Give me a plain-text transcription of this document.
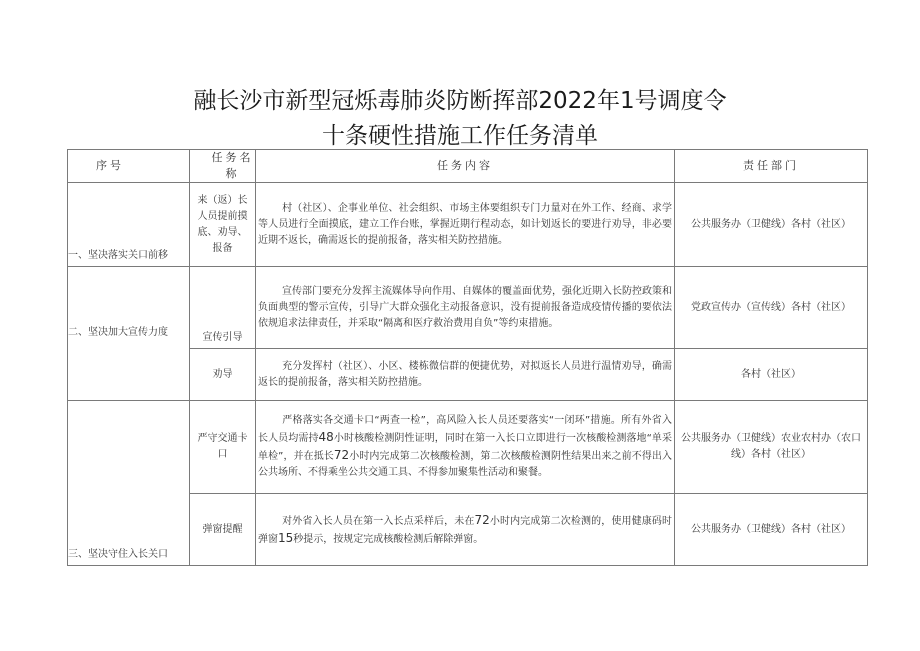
融长沙市新型冠烁毒肺炎防断挥部2022年1号调度令
十条硬性措施工作任务清单
序号	任务名称	任务内容	责任部门
一、坚决落实关口前移	来（返）长人员提前摸底、劝导、报备	村（社区）、企事业单位、社会组织、市场主体要组织专门力量对在外工作、经商、求学等人员进行全面摸底，建立工作台账，掌握近期行程动态，如计划返长的要进行劝导，非必要近期不返长，确需返长的提前报备，落实相关防控措施。	公共服务办（卫健线）各村（社区）
二、坚决加大宣传力度	宣传引导	宣传部门要充分发挥主流媒体导向作用、自媒体的覆盖面优势，强化近期入长防控政策和负面典型的警示宣传，引导广大群众强化主动报备意识，没有提前报备造成疫情传播的要依法依规追求法律责任，并采取“隔离和医疗救治费用自负”等约束措施。	党政宣传办（宣传线）各村（社区）
	劝导	充分发挥村（社区）、小区、楼栋微信群的便捷优势，对拟返长人员进行温情劝导，确需返长的提前报备，落实相关防控措施。	各村（社区）
三、坚决守住入长关口	严守交通卡口	严格落实各交通卡口“两查一检”，高风险入长人员还要落实“一闭环”措施。所有外省入长人员均需持48小时核酸检测阴性证明，同时在第一入长口立即进行一次核酸检测落地“单采单检”，并在抵长72小时内完成第二次核酸检测，第二次核酸检测阴性结果出来之前不得出入公共场所、不得乘坐公共交通工具、不得参加聚集性活动和聚餐。	公共服务办（卫健线）农业农村办（农口线）各村（社区）
	弹窗提醒	对外省入长人员在第一入长点采样后，未在72小时内完成第二次检测的，使用健康码时弹窗15秒提示，按规定完成核酸检测后解除弹窗。	公共服务办（卫健线）各村（社区）
